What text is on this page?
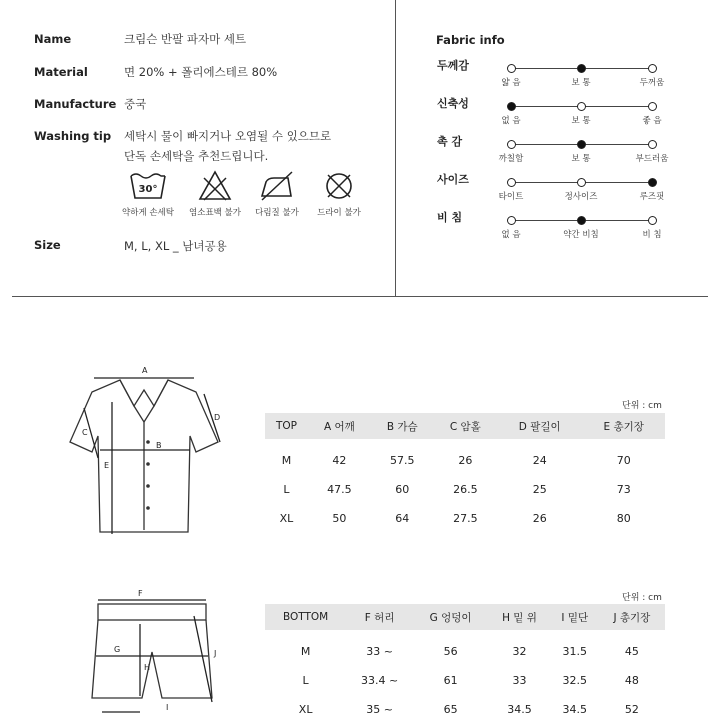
Name	크림슨 반팔 파자마 세트
Material	면 20% + 폴리에스테르 80%
Manufacture 중국
Washing tip 세탁시 물이 빠지거나 오염될 수 있으므로
단독 손세탁을 추천드립니다.
Size	M, L, XL _ 남녀공용
30°
약하게 손세탁	염소표백 불가	다림질 불가	드라이 불가
Fabric info
두께감
얇 음	보 통	두꺼움
신축성
없 음	보 통	좋 음
촉 감
까칠함	보 통	부드러움
사이즈
타이트	정사이즈	루즈핏
비 침
없 음	약간 비침	비 침
A
B
C
D
E
F
G
H
I
J
단위 : cm
TOP	A 어깨	B 가슴	C 암홀	D 팔길이	E 총기장
M	42	57.5	26	24	70
L	47.5	60	26.5	25	73
XL	50	64	27.5	26	80
단위 : cm
BOTTOM	F 허리	G 엉덩이	H 밑 위	I 밑단	J 총기장
M	33 ~	56	32	31.5	45
L	33.4 ~	61	33	32.5	48
XL	35 ~	65	34.5	34.5	52
